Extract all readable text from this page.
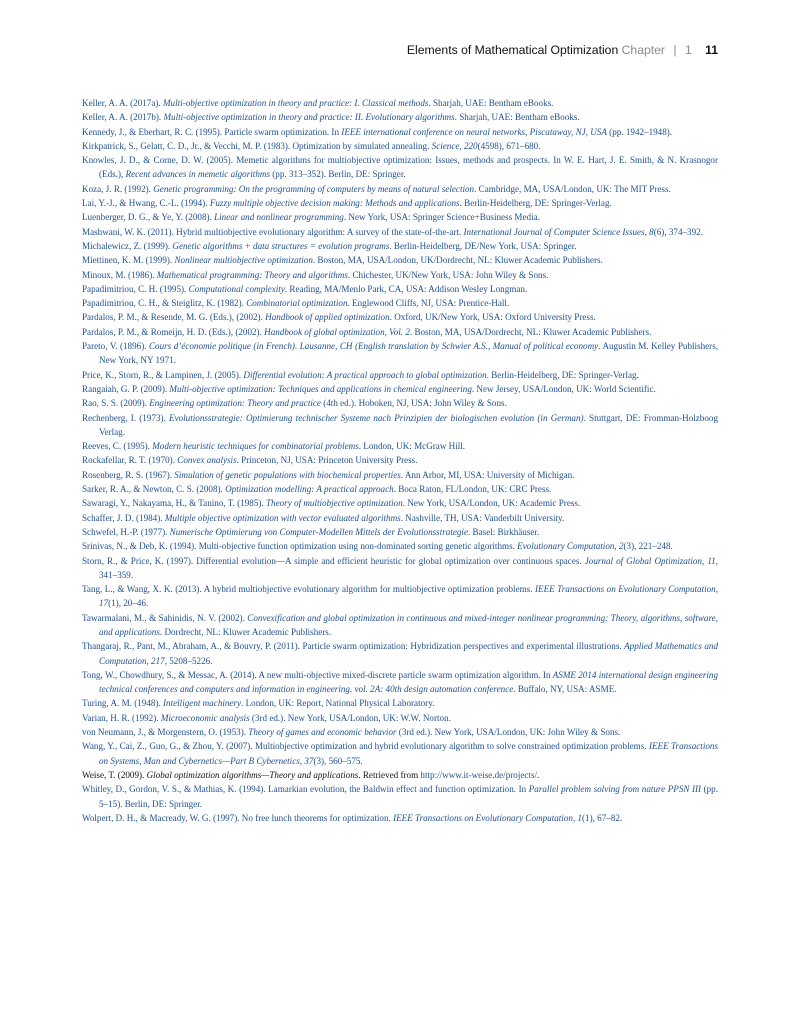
Elements of Mathematical Optimization Chapter | 1 11
Keller, A. A. (2017a). Multi-objective optimization in theory and practice: I. Classical methods. Sharjah, UAE: Bentham eBooks.
Keller, A. A. (2017b). Multi-objective optimization in theory and practice: II. Evolutionary algorithms. Sharjah, UAE: Bentham eBooks.
Kennedy, J., & Eberhart, R. C. (1995). Particle swarm optimization. In IEEE international conference on neural networks, Piscataway, NJ, USA (pp. 1942–1948).
Kirkpatrick, S., Gelatt, C. D., Jr., & Vecchi, M. P. (1983). Optimization by simulated annealing. Science, 220(4598), 671–680.
Knowles, J. D., & Corne, D. W. (2005). Memetic algorithms for multiobjective optimization: Issues, methods and prospects. In W. E. Hart, J. E. Smith, & N. Krasnogor (Eds.), Recent advances in memetic algorithms (pp. 313–352). Berlin, DE: Springer.
Koza, J. R. (1992). Genetic programming: On the programming of computers by means of natural selection. Cambridge, MA, USA/London, UK: The MIT Press.
Lai, Y.-J., & Hwang, C.-L. (1994). Fuzzy multiple objective decision making: Methods and applications. Berlin-Heidelberg, DE: Springer-Verlag.
Luenberger, D. G., & Ye, Y. (2008). Linear and nonlinear programming. New York, USA: Springer Science+Business Media.
Mashwani, W. K. (2011). Hybrid multiobjective evolutionary algorithm: A survey of the state-of-the-art. International Journal of Computer Science Issues, 8(6), 374–392.
Michalewicz, Z. (1999). Genetic algorithms + data structures = evolution programs. Berlin-Heidelberg, DE/New York, USA: Springer.
Miettinen, K. M. (1999). Nonlinear multiobjective optimization. Boston, MA, USA/London, UK/Dordrecht, NL: Kluwer Academic Publishers.
Minoux, M. (1986). Mathematical programming: Theory and algorithms. Chichester, UK/New York, USA: John Wiley & Sons.
Papadimitriou, C. H. (1995). Computational complexity. Reading, MA/Menlo Park, CA, USA: Addison Wesley Longman.
Papadimitriou, C. H., & Steiglitz, K. (1982). Combinatorial optimization. Englewood Cliffs, NJ, USA: Prentice-Hall.
Pardalos, P. M., & Resende, M. G. (Eds.), (2002). Handbook of applied optimization. Oxford, UK/New York, USA: Oxford University Press.
Pardalos, P. M., & Romeijn, H. D. (Eds.), (2002). Handbook of global optimization, Vol. 2. Boston, MA, USA/Dordrecht, NL: Kluwer Academic Publishers.
Pareto, V. (1896). Cours d’économie politique (in French). Lausanne, CH (English translation by Schwier A.S., Manual of political economy. Augustin M. Kelley Publishers, New York, NY 1971.
Price, K., Storn, R., & Lampinen, J. (2005). Differential evolution: A practical approach to global optimization. Berlin-Heidelberg, DE: Springer-Verlag.
Rangaiah, G. P. (2009). Multi-objective optimization: Techniques and applications in chemical engineering. New Jersey, USA/London, UK: World Scientific.
Rao, S. S. (2009). Engineering optimization: Theory and practice (4th ed.). Hoboken, NJ, USA: John Wiley & Sons.
Rechenberg, I. (1973). Evolutionsstrategie: Optimierung technischer Systeme nach Prinzipien der biologischen evolution (in German). Stuttgart, DE: Fromman-Holzboog Verlag.
Reeves, C. (1995). Modern heuristic techniques for combinatorial problems. London, UK: McGraw Hill.
Rockafellar, R. T. (1970). Convex analysis. Princeton, NJ, USA: Princeton University Press.
Rosenberg, R. S. (1967). Simulation of genetic populations with biochemical properties. Ann Arbor, MI, USA: University of Michigan.
Sarker, R. A., & Newton, C. S. (2008). Optimization modelling: A practical approach. Boca Raton, FL/London, UK: CRC Press.
Sawaragi, Y., Nakayama, H., & Tanino, T. (1985). Theory of multiobjective optimization. New York, USA/London, UK: Academic Press.
Schaffer, J. D. (1984). Multiple objective optimization with vector evaluated algorithms. Nashville, TH, USA: Vanderbilt University.
Schwefel, H.-P. (1977). Numerische Optimierung von Computer-Modellen Mittels der Evolutionsstrategie. Basel: Birkhäuser.
Srinivas, N., & Deb, K. (1994). Multi-objective function optimization using non-dominated sorting genetic algorithms. Evolutionary Computation, 2(3), 221–248.
Storn, R., & Price, K. (1997). Differential evolution—A simple and efficient heuristic for global optimization over continuous spaces. Journal of Global Optimization, 11, 341–359.
Tang, L., & Wang, X. K. (2013). A hybrid multiobjective evolutionary algorithm for multiobjective optimization problems. IEEE Transactions on Evolutionary Computation, 17(1), 20–46.
Tawarmalani, M., & Sahinidis, N. V. (2002). Convexification and global optimization in continuous and mixed-integer nonlinear programming: Theory, algorithms, software, and applications. Dordrecht, NL: Kluwer Academic Publishers.
Thangaraj, R., Pant, M., Abraham, A., & Bouvry, P. (2011). Particle swarm optimization: Hybridization perspectives and experimental illustrations. Applied Mathematics and Computation, 217, 5208–5226.
Tong, W., Chowdhury, S., & Messac, A. (2014). A new multi-objective mixed-discrete particle swarm optimization algorithm. In ASME 2014 international design engineering technical conferences and computers and information in engineering. vol. 2A: 40th design automation conference. Buffalo, NY, USA: ASME.
Turing, A. M. (1948). Intelligent machinery. London, UK: Report, National Physical Laboratory.
Varian, H. R. (1992). Microeconomic analysis (3rd ed.). New York, USA/London, UK: W.W. Norton.
von Neumann, J., & Morgenstern, O. (1953). Theory of games and economic behavior (3rd ed.). New York, USA/London, UK: John Wiley & Sons.
Wang, Y., Cai, Z., Guo, G., & Zhou, Y. (2007). Multiobjective optimization and hybrid evolutionary algorithm to solve constrained optimization problems. IEEE Transactions on Systems, Man and Cybernetics—Part B Cybernetics, 37(3), 560–575.
Weise, T. (2009). Global optimization algorithms—Theory and applications. Retrieved from http://www.it-weise.de/projects/.
Whitley, D., Gordon, V. S., & Mathias, K. (1994). Lamarkian evolution, the Baldwin effect and function optimization. In Parallel problem solving from nature PPSN III (pp. 5–15). Berlin, DE: Springer.
Wolpert, D. H., & Macready, W. G. (1997). No free lunch theorems for optimization. IEEE Transactions on Evolutionary Computation, 1(1), 67–82.
